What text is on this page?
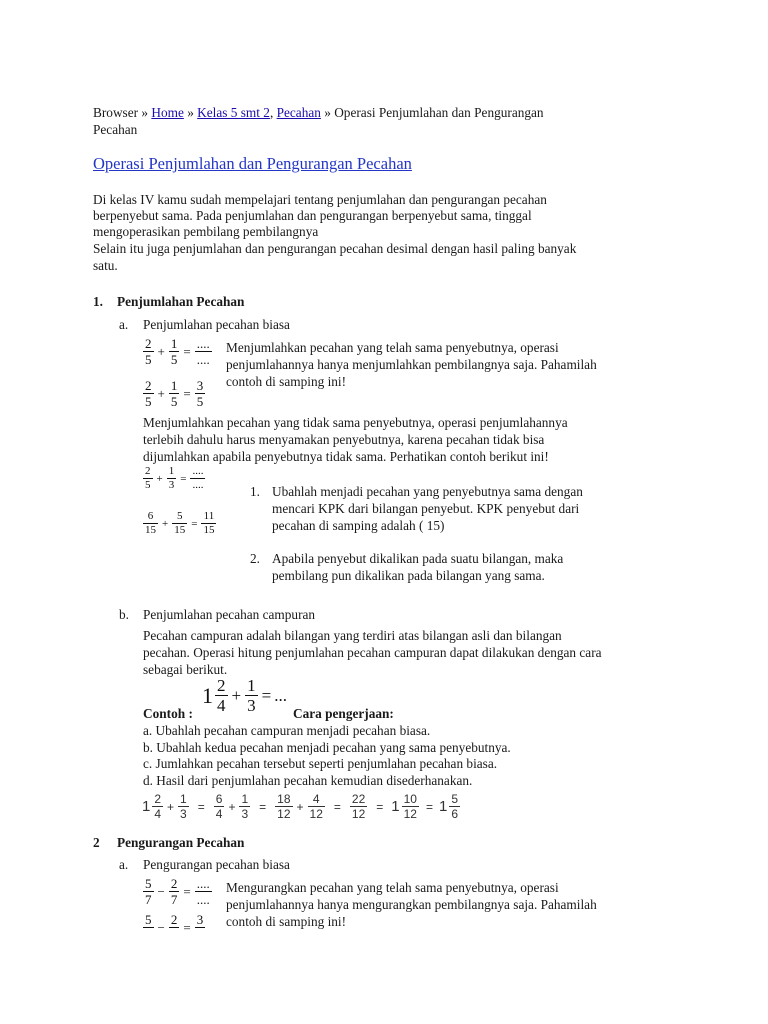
Browser » Home » Kelas 5 smt 2, Pecahan » Operasi Penjumlahan dan Pengurangan
Pecahan
Operasi Penjumlahan dan Pengurangan Pecahan
Di kelas IV kamu sudah mempelajari tentang penjumlahan dan pengurangan pecahan
berpenyebut sama. Pada penjumlahan dan pengurangan berpenyebut sama, tinggal
mengoperasikan pembilang pembilangnya
Selain itu juga penjumlahan dan pengurangan pecahan desimal dengan hasil paling banyak
satu.
1. Penjumlahan Pecahan
a. Penjumlahan pecahan biasa
2
5
+ $\frac{1}{5}$ = ....
....
2
5
+ $\frac{1}{5} = \frac{3}{5}$
Menjumlahkan pecahan yang telah sama penyebutnya, operasi
penjumlahannya hanya menjumlahkan pembilangnya saja. Pahamilah
contoh di samping ini!
Menjumlahkan pecahan yang tidak sama penyebutnya, operasi penjumlahannya
terlebih dahulu harus menyamakan penyebutnya, karena pecahan tidak bisa
dijumlahkan apabila penyebutnya tidak sama. Perhatikan contoh berikut ini!
2
5
+ $\frac{1}{3}$ =
....
....
6
15
+ $\frac{5}{15} = \frac{11}{15}$
1. Ubahlah menjadi pecahan yang penyebutnya sama dengan
mencari KPK dari bilangan penyebut. KPK penyebut dari
pecahan di samping adalah ( 15)
2. Apabila penyebut dikalikan pada suatu bilangan, maka
pembilang pun dikalikan pada bilangan yang sama.
b. Penjumlahan pecahan campuran
Pecahan campuran adalah bilangan yang terdiri atas bilangan asli dan bilangan
pecahan. Operasi hitung penjumlahan pecahan campuran dapat dilakukan dengan cara
sebagai berikut.
1 2
4
+ $\frac{1}{3}$ = ...
Contoh :	Cara pengerjaan:
a. Ubahlah pecahan campuran menjadi pecahan biasa.
b. Ubahlah kedua pecahan menjadi pecahan yang sama penyebutnya.
c. Jumlahkan pecahan tersebut seperti penjumlahan pecahan biasa.
d. Hasil dari penjumlahan pecahan kemudian disederhanakan.
1 2
4
+ $\frac{1}{3} = \frac{6}{4} + \frac{1}{3} = \frac{18}{12} + \frac{4}{12} = \frac{22}{12} = 1 \frac{10}{12} = 1$ 5
6
2 Pengurangan Pecahan
a. Pengurangan pecahan biasa
5
7
− $\frac{2}{7}$ = ....
....
5 − 2 = 3
Mengurangkan pecahan yang telah sama penyebutnya, operasi
penjumlahannya hanya mengurangkan pembilangnya saja. Pahamilah
contoh di samping ini!
